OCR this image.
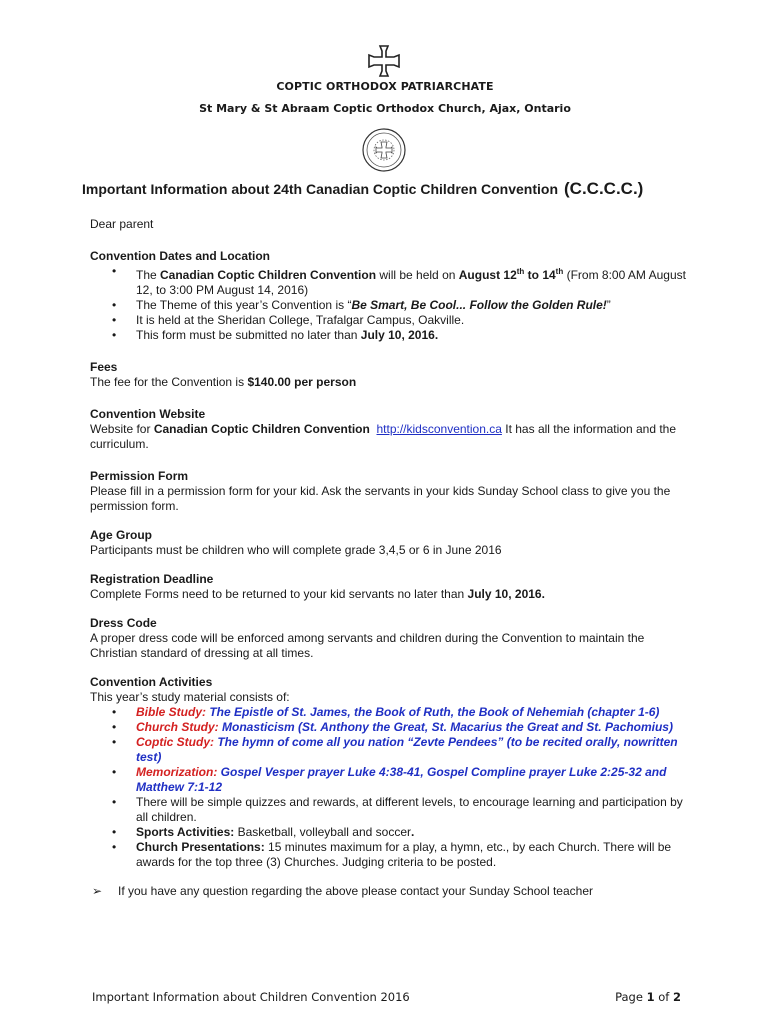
COPTIC ORTHODOX PATRIARCHATE
St Mary & St Abraam Coptic Orthodox Church, Ajax, Ontario
Important Information about 24th Canadian Coptic Children Convention (C.C.C.C.)

Dear parent

Convention Dates and Location

• The Canadian Coptic Children Convention will be held on August 12th to 14th (From 8:00 AM August 12, to 3:00 PM August 14, 2016)
• The Theme of this year’s Convention is “Be Smart, Be Cool... Follow the Golden Rule!”
• It is held at the Sheridan College, Trafalgar Campus, Oakville.
• This form must be submitted no later than July 10, 2016.

Fees

The fee for the Convention is $140.00 per person

Convention Website

Website for Canadian Coptic Children Convention http://kidsconvention.ca It has all the information and the curriculum.

Permission Form

Please fill in a permission form for your kid. Ask the servants in your kids Sunday School class to give you the permission form.

Age Group

Participants must be children who will complete grade 3,4,5 or 6 in June 2016

Registration Deadline

Complete Forms need to be returned to your kid servants no later than July 10, 2016.

Dress Code

A proper dress code will be enforced among servants and children during the Convention to maintain the Christian standard of dressing at all times.

Convention Activities

This year’s study material consists of:

• Bible Study: The Epistle of St. James, the Book of Ruth, the Book of Nehemiah (chapter 1-6)
• Church Study: Monasticism (St. Anthony the Great, St. Macarius the Great and St. Pachomius)
• Coptic Study: The hymn of come all you nation “Zevte Pendees” (to be recited orally, nowritten test)
• Memorization: Gospel Vesper prayer Luke 4:38-41, Gospel Compline prayer Luke 2:25-32 and Matthew 7:1-12
• There will be simple quizzes and rewards, at different levels, to encourage learning and participation by all children.
• Sports Activities: Basketball, volleyball and soccer.
• Church Presentations: 15 minutes maximum for a play, a hymn, etc., by each Church. There will be awards for the top three (3) Churches. Judging criteria to be posted.

➢ If you have any question regarding the above please contact your Sunday School teacher

Important Information about Children Convention 2016	Page 1 of 2
